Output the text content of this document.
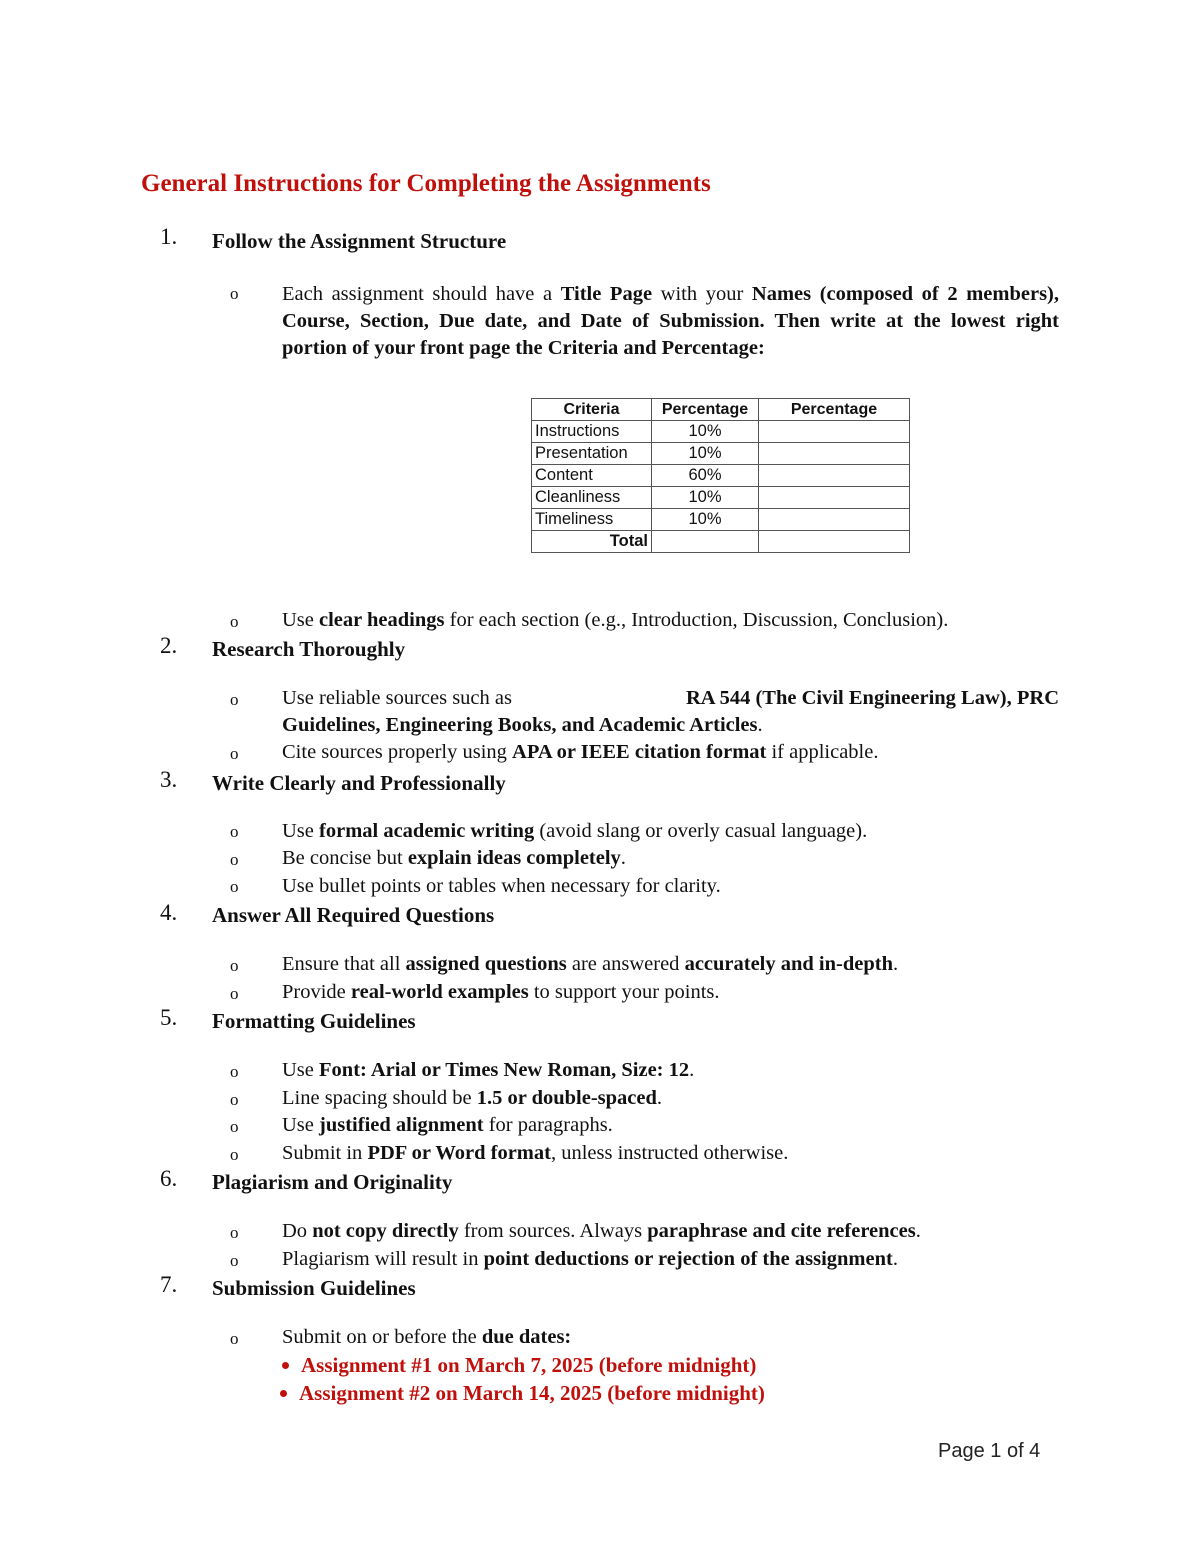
General Instructions for Completing the Assignments
1. Follow the Assignment Structure
o Each assignment should have a Title Page with your Names (composed of 2 members), Course, Section, Due date, and Date of Submission. Then write at the lowest right portion of your front page the Criteria and Percentage:
Criteria	Percentage	Percentage
Instructions	10%	
Presentation	10%	
Content	60%	
Cleanliness	10%	
Timeliness	10%	
Total		
o Use clear headings for each section (e.g., Introduction, Discussion, Conclusion).
2. Research Thoroughly
o Use reliable sources such as	RA 544 (The Civil Engineering Law), PRC
Guidelines, Engineering Books, and Academic Articles.
o Cite sources properly using APA or IEEE citation format if applicable.
3. Write Clearly and Professionally
o Use formal academic writing (avoid slang or overly casual language).
o Be concise but explain ideas completely.
o Use bullet points or tables when necessary for clarity.
4. Answer All Required Questions
o Ensure that all assigned questions are answered accurately and in-depth.
o Provide real-world examples to support your points.
5. Formatting Guidelines
o Use Font: Arial or Times New Roman, Size: 12.
o Line spacing should be 1.5 or double-spaced.
o Use justified alignment for paragraphs.
o Submit in PDF or Word format, unless instructed otherwise.
6. Plagiarism and Originality
o Do not copy directly from sources. Always paraphrase and cite references.
o Plagiarism will result in point deductions or rejection of the assignment.
7. Submission Guidelines
o Submit on or before the due dates:
Assignment #1 on March 7, 2025 (before midnight)
Assignment #2 on March 14, 2025 (before midnight)
Page 1 of 4
